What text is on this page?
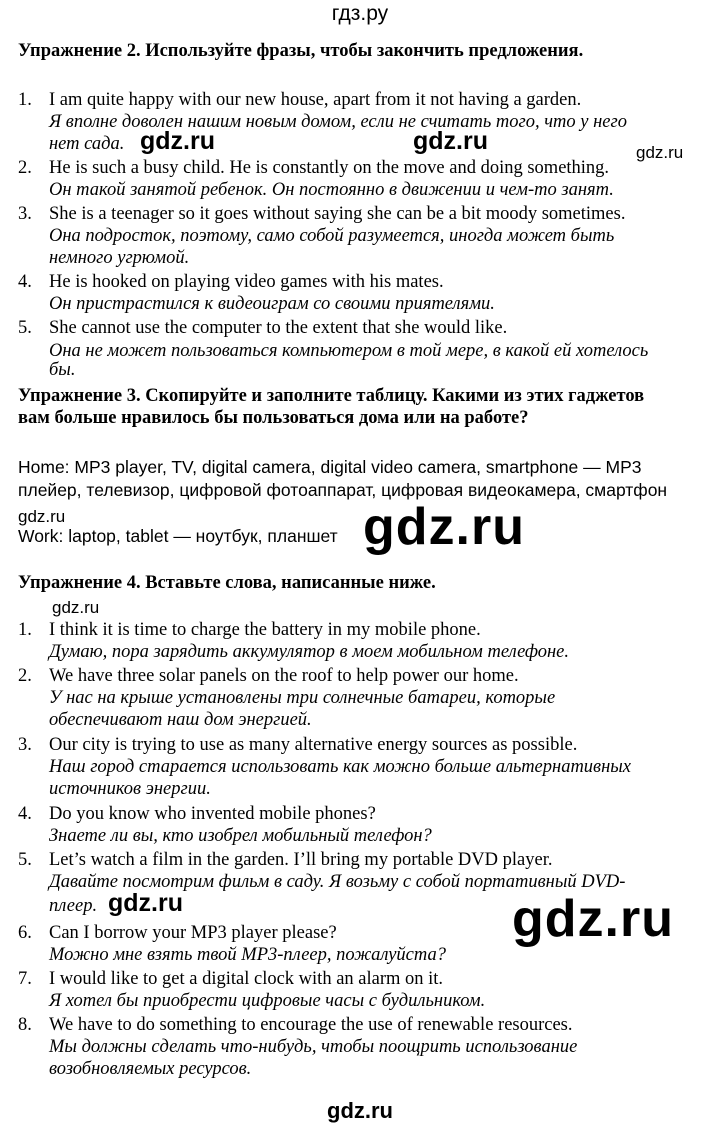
гдз.ру
Упражнение 2. Используйте фразы, чтобы закончить предложения.
1. I am quite happy with our new house, apart from it not having a garden.
Я вполне доволен нашим новым домом, если не считать того, что у него
нет сада.
2. He is such a busy child. He is constantly on the move and doing something.
Он такой занятой ребенок. Он постоянно в движении и чем-то занят.
3. She is a teenager so it goes without saying she can be a bit moody sometimes.
Она подросток, поэтому, само собой разумеется, иногда может быть
немного угрюмой.
4. He is hooked on playing video games with his mates.
Он пристрастился к видеоиграм со своими приятелями.
5. She cannot use the computer to the extent that she would like.
Она не может пользоваться компьютером в той мере, в какой ей хотелось
бы.
Упражнение 3. Скопируйте и заполните таблицу. Какими из этих гаджетов
вам больше нравилось бы пользоваться дома или на работе?
Home: MP3 player, TV, digital camera, digital video camera, smartphone — MP3
плейер, телевизор, цифровой фотоаппарат, цифровая видеокамера, смартфон
Work: laptop, tablet — ноутбук, планшет
Упражнение 4. Вставьте слова, написанные ниже.
1. I think it is time to charge the battery in my mobile phone.
Думаю, пора зарядить аккумулятор в моем мобильном телефоне.
2. We have three solar panels on the roof to help power our home.
У нас на крыше установлены три солнечные батареи, которые
обеспечивают наш дом энергией.
3. Our city is trying to use as many alternative energy sources as possible.
Наш город старается использовать как можно больше альтернативных
источников энергии.
4. Do you know who invented mobile phones?
Знаете ли вы, кто изобрел мобильный телефон?
5. Let’s watch a film in the garden. I’ll bring my portable DVD player.
Давайте посмотрим фильм в саду. Я возьму с собой портативный DVD-
плеер.
6. Can I borrow your MP3 player please?
Можно мне взять твой MP3-плеер, пожалуйста?
7. I would like to get a digital clock with an alarm on it.
Я хотел бы приобрести цифровые часы с будильником.
8. We have to do something to encourage the use of renewable resources.
Мы должны сделать что-нибудь, чтобы поощрить использование
возобновляемых ресурсов.
gdz.ru	gdz.ru	gdz.ru
gdz.ru	gdz.ru
gdz.ru
gdz.ru	gdz.ru
gdz.ru
